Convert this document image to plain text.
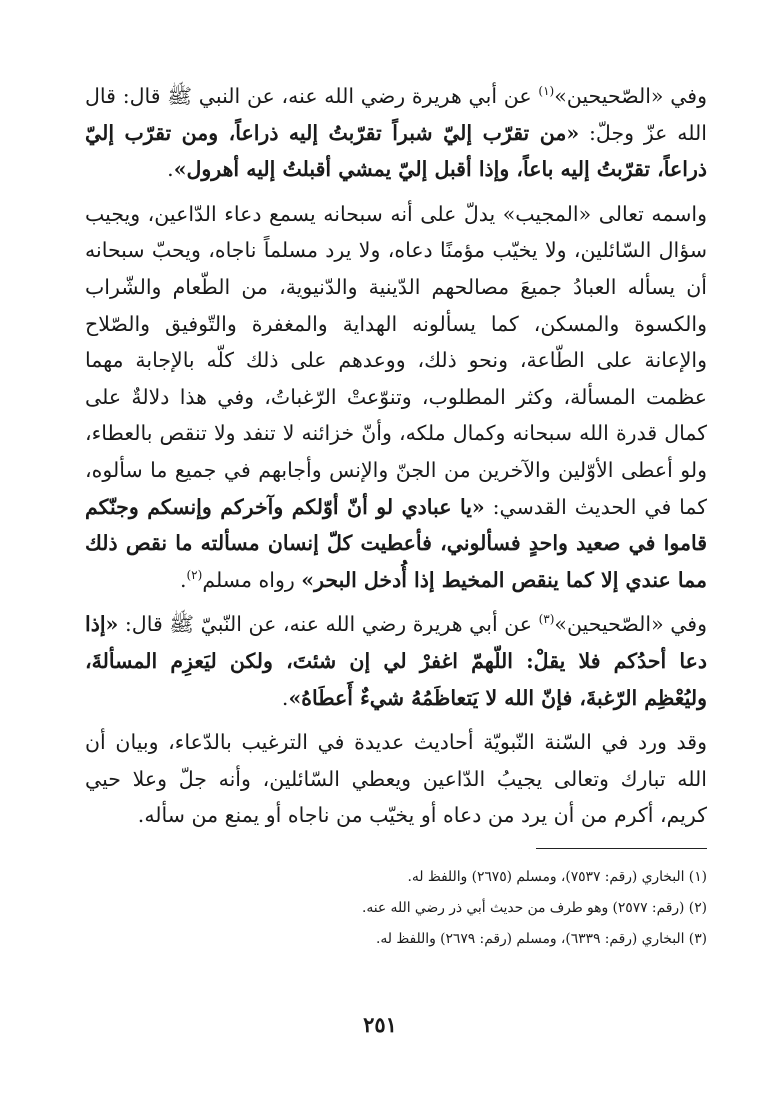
وفي «الصّحيحين»$^{(١)}$ عن أبي هريرة رضي الله عنه، عن النبي ﷺ قال: قال الله عزّ وجلّ: «من تقرّب إليّ شبراً تقرّبتُ إليه ذراعاً، ومن تقرّب إليّ ذراعاً، تقرّبتُ إليه باعاً، وإذا أقبل إليّ يمشي أقبلتُ إليه أهرول».

واسمه تعالى «المجيب» يدلّ على أنه سبحانه يسمع دعاء الدّاعين، ويجيب سؤال السّائلين، ولا يخيّب مؤمنًا دعاه، ولا يرد مسلماً ناجاه، ويحبّ سبحانه أن يسأله العبادُ جميعَ مصالحهم الدّينية والدّنيوية، من الطّعام والشّراب والكسوة والمسكن، كما يسألونه الهداية والمغفرة والتّوفيق والصّلاح والإعانة على الطّاعة، ونحو ذلك، ووعدهم على ذلك كلّه بالإجابة مهما عظمت المسألة، وكثر المطلوب، وتنوّعتْ الرّغباتُ، وفي هذا دلالةٌ على كمال قدرة الله سبحانه وكمال ملكه، وأنّ خزائنه لا تنفد ولا تنقص بالعطاء، ولو أعطى الأوّلين والآخرين من الجنّ والإنس وأجابهم في جميع ما سألوه، كما في الحديث القدسي: «يا عبادي لو أنّ أوّلكم وآخركم وإنسكم وجنّكم قاموا في صعيد واحدٍ فسألوني، فأعطيت كلّ إنسان مسألته ما نقص ذلك مما عندي إلا كما ينقص المخيط إذا أُدخل البحر» رواه مسلم$^{(٢)}$.

وفي «الصّحيحين»$^{(٣)}$ عن أبي هريرة رضي الله عنه، عن النّبيّ ﷺ قال: «إذا دعا أحدُكم فلا يقلْ: اللّهمّ اغفرْ لي إن شئتَ، ولكن ليَعزِم المسألةَ، وليُعْظِم الرّغبةَ، فإنّ الله لا يَتعاظَمُهُ شيءٌ أَعطَاهُ».

وقد ورد في السّنة النّبويّة أحاديث عديدة في الترغيب بالدّعاء، وبيان أن الله تبارك وتعالى يجيبُ الدّاعين ويعطي السّائلين، وأنه جلّ وعلا حيي كريم، أكرم من أن يرد من دعاه أو يخيّب من ناجاه أو يمنع من سأله.

(١) البخاري (رقم: ٧٥٣٧)، ومسلم (٢٦٧٥) واللفظ له.

(٢) (رقم: ٢٥٧٧) وهو طرف من حديث أبي ذر رضي الله عنه.

(٣) البخاري (رقم: ٦٣٣٩)، ومسلم (رقم: ٢٦٧٩) واللفظ له.

٢٥١
